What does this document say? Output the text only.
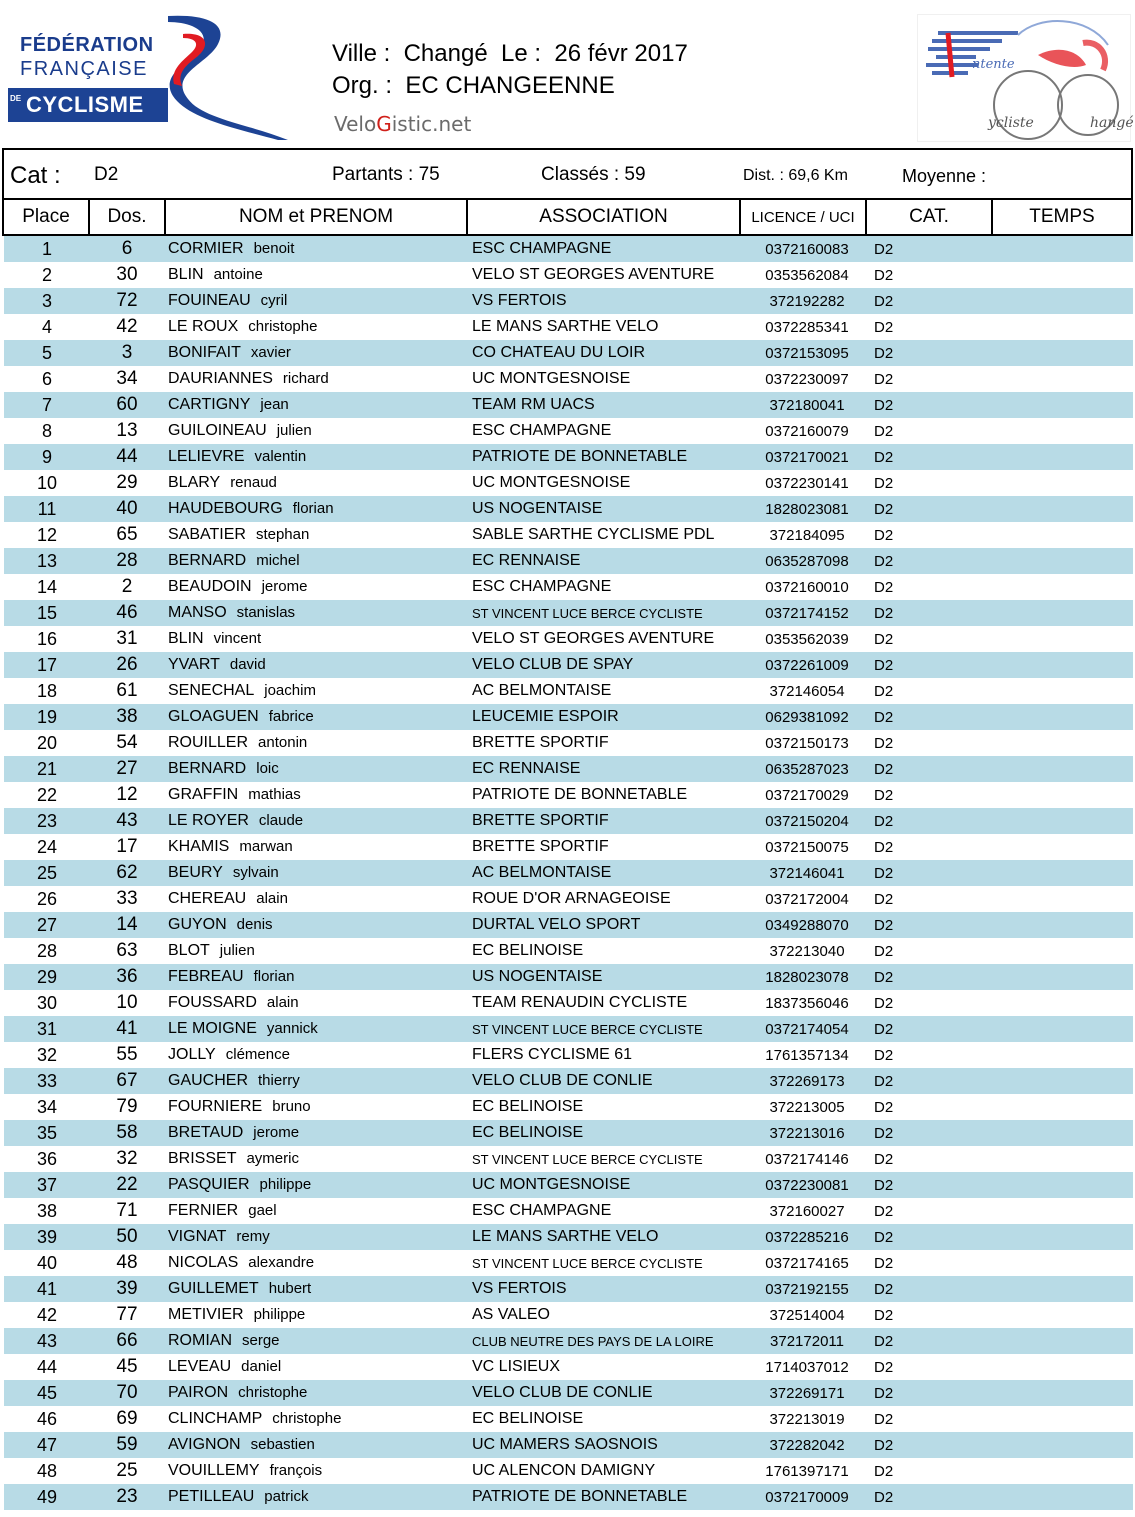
FÉDÉRATION
FRANÇAISE
DE CYCLISME
Ville :  Changé  Le :  26 févr 2017
Org. :  EC CHANGEENNE
VeloGistic.net
ntente
ycliste	hangé
Cat : D2	Partants : 75	Classés : 59	Dist. : 69,6 Km	Moyenne :
Place	Dos.	NOM et PRENOM	ASSOCIATION	LICENCE / UCI	CAT.	TEMPS
1	6	CORMIER benoit	ESC CHAMPAGNE	0372160083	D2	
2	30	BLIN antoine	VELO ST GEORGES AVENTURE	0353562084	D2	
3	72	FOUINEAU cyril	VS FERTOIS	372192282	D2	
4	42	LE ROUX christophe	LE MANS SARTHE VELO	0372285341	D2	
5	3	BONIFAIT xavier	CO CHATEAU DU LOIR	0372153095	D2	
6	34	DAURIANNES richard	UC MONTGESNOISE	0372230097	D2	
7	60	CARTIGNY jean	TEAM RM UACS	372180041	D2	
8	13	GUILOINEAU julien	ESC CHAMPAGNE	0372160079	D2	
9	44	LELIEVRE valentin	PATRIOTE DE BONNETABLE	0372170021	D2	
10	29	BLARY renaud	UC MONTGESNOISE	0372230141	D2	
11	40	HAUDEBOURG florian	US NOGENTAISE	1828023081	D2	
12	65	SABATIER stephan	SABLE SARTHE CYCLISME PDL	372184095	D2	
13	28	BERNARD michel	EC RENNAISE	0635287098	D2	
14	2	BEAUDOIN jerome	ESC CHAMPAGNE	0372160010	D2	
15	46	MANSO stanislas	ST VINCENT LUCE BERCE CYCLISTE	0372174152	D2	
16	31	BLIN vincent	VELO ST GEORGES AVENTURE	0353562039	D2	
17	26	YVART david	VELO CLUB DE SPAY	0372261009	D2	
18	61	SENECHAL joachim	AC BELMONTAISE	372146054	D2	
19	38	GLOAGUEN fabrice	LEUCEMIE ESPOIR	0629381092	D2	
20	54	ROUILLER antonin	BRETTE SPORTIF	0372150173	D2	
21	27	BERNARD loic	EC RENNAISE	0635287023	D2	
22	12	GRAFFIN mathias	PATRIOTE DE BONNETABLE	0372170029	D2	
23	43	LE ROYER claude	BRETTE SPORTIF	0372150204	D2	
24	17	KHAMIS marwan	BRETTE SPORTIF	0372150075	D2	
25	62	BEURY sylvain	AC BELMONTAISE	372146041	D2	
26	33	CHEREAU alain	ROUE D'OR ARNAGEOISE	0372172004	D2	
27	14	GUYON denis	DURTAL VELO SPORT	0349288070	D2	
28	63	BLOT julien	EC BELINOISE	372213040	D2	
29	36	FEBREAU florian	US NOGENTAISE	1828023078	D2	
30	10	FOUSSARD alain	TEAM RENAUDIN CYCLISTE	1837356046	D2	
31	41	LE MOIGNE yannick	ST VINCENT LUCE BERCE CYCLISTE	0372174054	D2	
32	55	JOLLY clémence	FLERS CYCLISME 61	1761357134	D2	
33	67	GAUCHER thierry	VELO CLUB DE CONLIE	372269173	D2	
34	79	FOURNIERE bruno	EC BELINOISE	372213005	D2	
35	58	BRETAUD jerome	EC BELINOISE	372213016	D2	
36	32	BRISSET aymeric	ST VINCENT LUCE BERCE CYCLISTE	0372174146	D2	
37	22	PASQUIER philippe	UC MONTGESNOISE	0372230081	D2	
38	71	FERNIER gael	ESC CHAMPAGNE	372160027	D2	
39	50	VIGNAT remy	LE MANS SARTHE VELO	0372285216	D2	
40	48	NICOLAS alexandre	ST VINCENT LUCE BERCE CYCLISTE	0372174165	D2	
41	39	GUILLEMET hubert	VS FERTOIS	0372192155	D2	
42	77	METIVIER philippe	AS VALEO	372514004	D2	
43	66	ROMIAN serge	CLUB NEUTRE DES PAYS DE LA LOIRE	372172011	D2	
44	45	LEVEAU daniel	VC LISIEUX	1714037012	D2	
45	70	PAIRON christophe	VELO CLUB DE CONLIE	372269171	D2	
46	69	CLINCHAMP christophe	EC BELINOISE	372213019	D2	
47	59	AVIGNON sebastien	UC MAMERS SAOSNOIS	372282042	D2	
48	25	VOUILLEMY françois	UC ALENCON DAMIGNY	1761397171	D2	
49	23	PETILLEAU patrick	PATRIOTE DE BONNETABLE	0372170009	D2	
